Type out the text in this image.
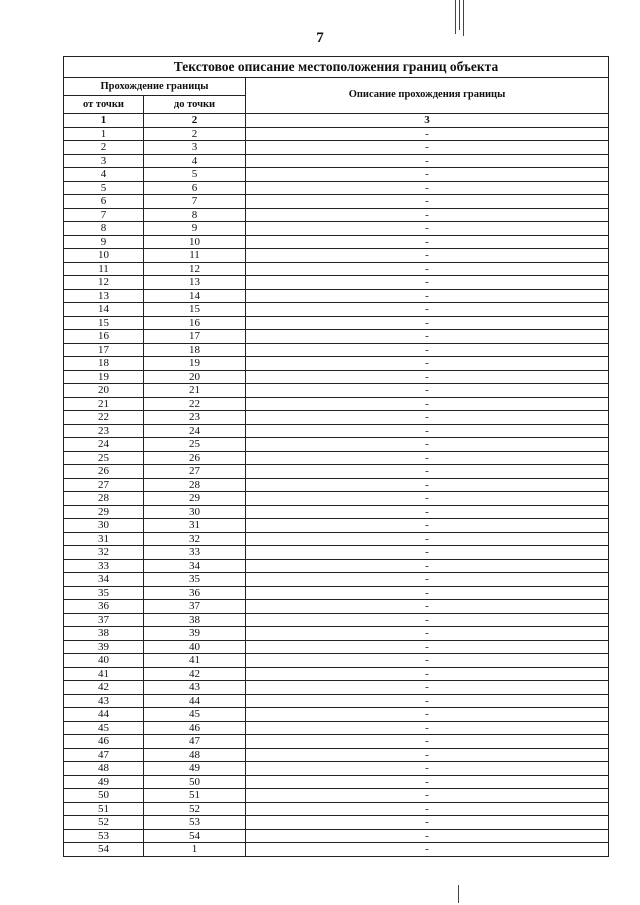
7
Текстовое описание местоположения границ объекта		
Прохождение границы		Описание прохождения границы
от точки	до точки	
1	2	3
1	2	-
2	3	-
3	4	-
4	5	-
5	6	-
6	7	-
7	8	-
8	9	-
9	10	-
10	11	-
11	12	-
12	13	-
13	14	-
14	15	-
15	16	-
16	17	-
17	18	-
18	19	-
19	20	-
20	21	-
21	22	-
22	23	-
23	24	-
24	25	-
25	26	-
26	27	-
27	28	-
28	29	-
29	30	-
30	31	-
31	32	-
32	33	-
33	34	-
34	35	-
35	36	-
36	37	-
37	38	-
38	39	-
39	40	-
40	41	-
41	42	-
42	43	-
43	44	-
44	45	-
45	46	-
46	47	-
47	48	-
48	49	-
49	50	-
50	51	-
51	52	-
52	53	-
53	54	-
54	1	-
